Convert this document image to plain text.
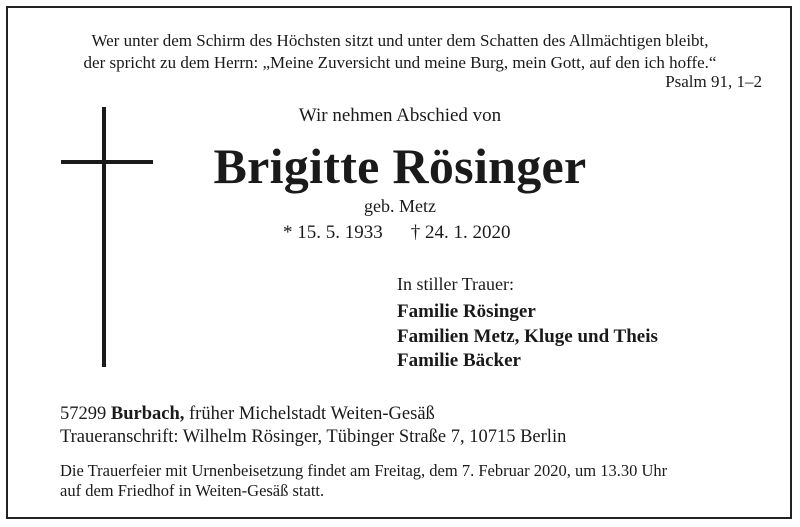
Wer unter dem Schirm des Höchsten sitzt und unter dem Schatten des Allmächtigen bleibt,
der spricht zu dem Herrn: „Meine Zuversicht und meine Burg, mein Gott, auf den ich hoffe.“
Psalm 91, 1–2
Wir nehmen Abschied von
Brigitte Rösinger
geb. Metz
* 15. 5. 1933 † 24. 1. 2020
In stiller Trauer:
Familie Rösinger
Familien Metz, Kluge und Theis
Familie Bäcker
57299 Burbach, früher Michelstadt Weiten-Gesäß
Traueranschrift: Wilhelm Rösinger, Tübinger Straße 7, 10715 Berlin
Die Trauerfeier mit Urnenbeisetzung findet am Freitag, dem 7. Februar 2020, um 13.30 Uhr
auf dem Friedhof in Weiten-Gesäß statt.
